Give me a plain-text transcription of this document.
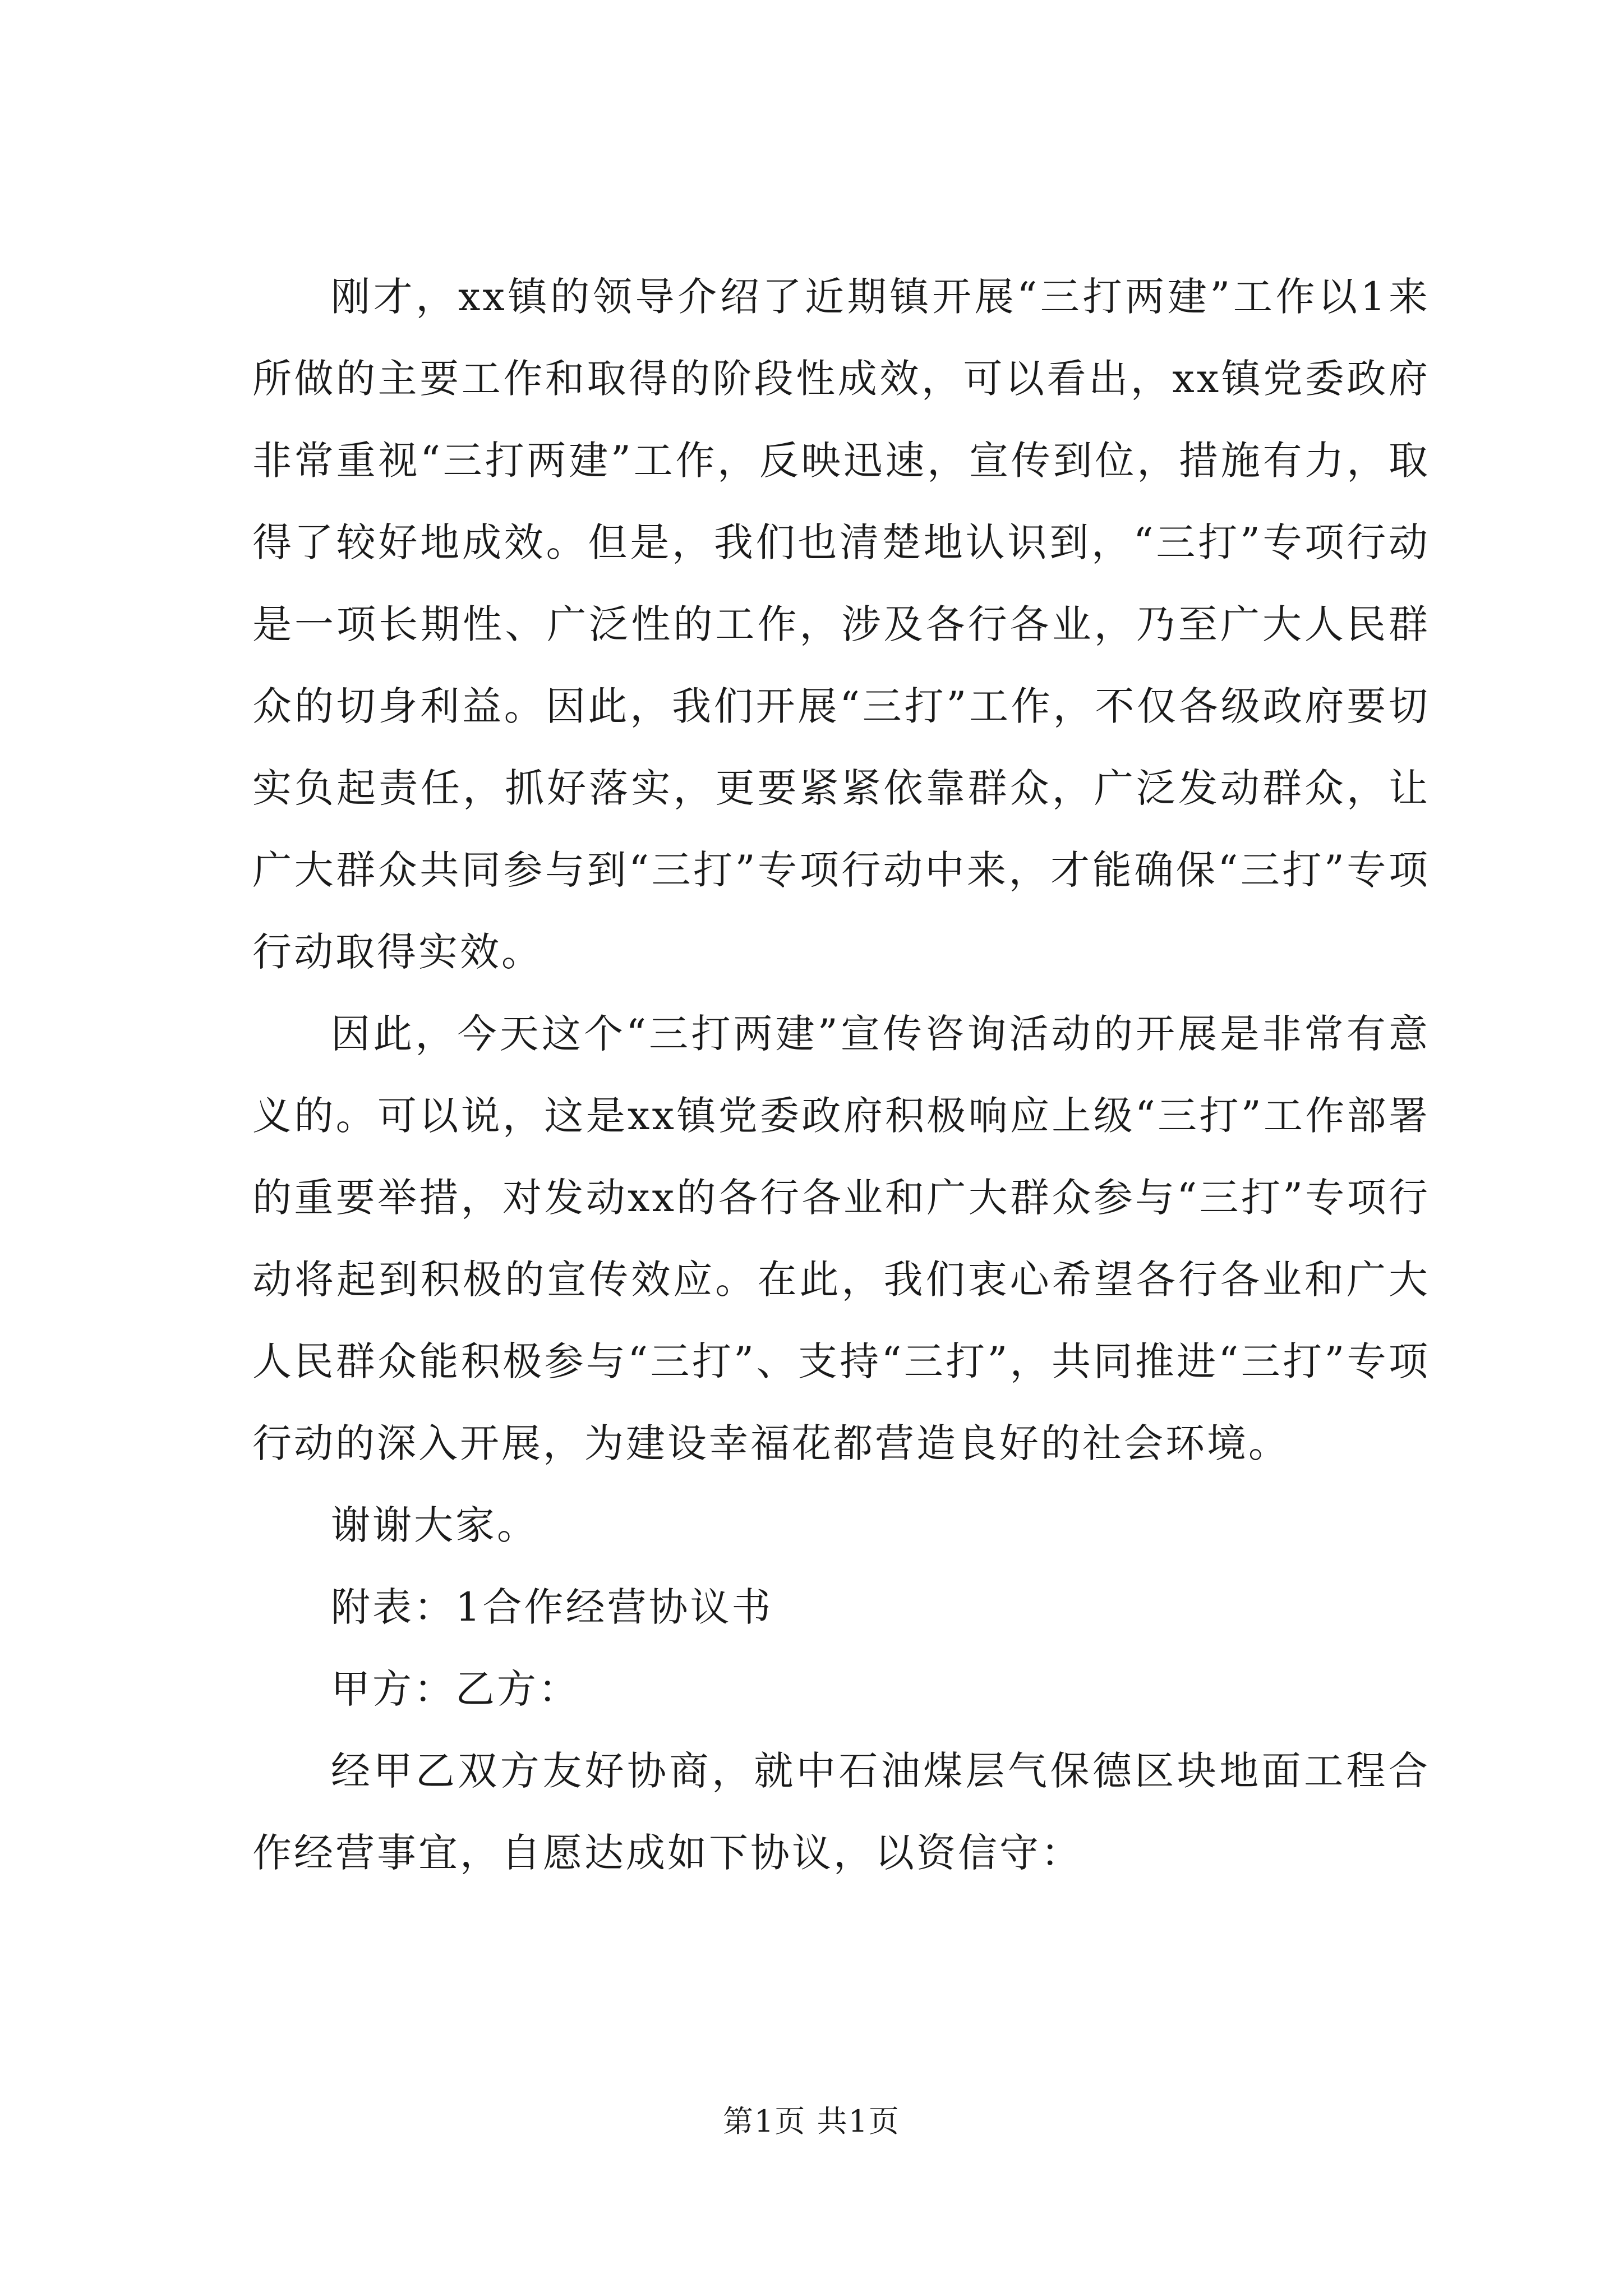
刚才，xx镇的领导介绍了近期镇开展“三打两建”工作以1来所做的主要工作和取得的阶段性成效，可以看出，xx镇党委政府非常重视“三打两建”工作，反映迅速，宣传到位，措施有力，取得了较好地成效。但是，我们也清楚地认识到，“三打”专项行动是一项长期性、广泛性的工作，涉及各行各业，乃至广大人民群众的切身利益。因此，我们开展“三打”工作，不仅各级政府要切实负起责任，抓好落实，更要紧紧依靠群众，广泛发动群众，让广大群众共同参与到“三打”专项行动中来，才能确保“三打”专项行动取得实效。

因此，今天这个“三打两建”宣传咨询活动的开展是非常有意义的。可以说，这是xx镇党委政府积极响应上级“三打”工作部署的重要举措，对发动xx的各行各业和广大群众参与“三打”专项行动将起到积极的宣传效应。在此，我们衷心希望各行各业和广大人民群众能积极参与“三打”、支持“三打”，共同推进“三打”专项行动的深入开展，为建设幸福花都营造良好的社会环境。

谢谢大家。

附表：1合作经营协议书

甲方：乙方：

经甲乙双方友好协商，就中石油煤层气保德区块地面工程合作经营事宜，自愿达成如下协议，以资信守：

第1页 共1页
